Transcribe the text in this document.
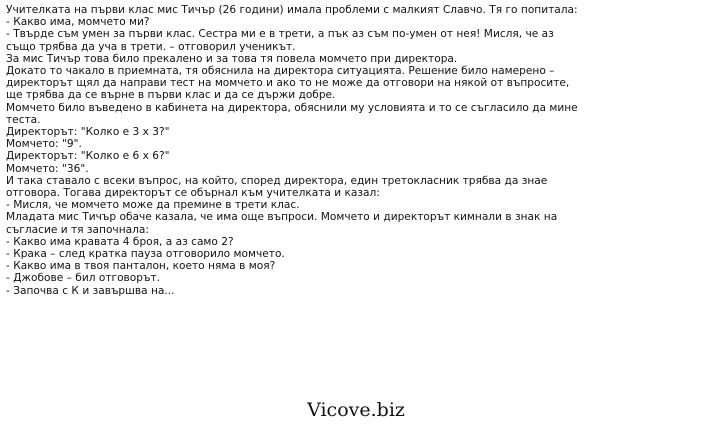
Учителката на първи клас мис Тичър (26 години) имала проблеми с малкият Славчо. Тя го попитала:
- Какво има, момчето ми?
- Твърде съм умен за първи клас. Сестра ми е в трети, а пък аз съм по-умен от нея! Мисля, че аз също трябва да уча в трети. – отговорил ученикът.
За мис Тичър това било прекалено и за това тя повела момчето при директора.
Докато то чакало в приемната, тя обяснила на директора ситуацията. Решение било намерено – директорът щял да направи тест на момчето и ако то не може да отговори на някой от въпросите, ще трябва да се върне в първи клас и да се държи добре.
Момчето било въведено в кабинета на директора, обяснили му условията и то се съгласило да мине теста.
Директорът: "Колко е 3 х 3?"
Момчето: "9".
Директорът: "Колко е 6 х 6?"
Момчето: "36".
И така ставало с всеки въпрос, на който, според директора, един третокласник трябва да знае отговора. Тогава директорът се обърнал към учителката и казал:
- Мисля, че момчето може да премине в трети клас.
Младата мис Тичър обаче казала, че има още въпроси. Момчето и директорът кимнали в знак на съгласие и тя започнала:
- Какво има кравата 4 броя, а аз само 2?
- Крака – след кратка пауза отговорило момчето.
- Какво има в твоя панталон, което няма в моя?
- Джобове – бил отговорът.
- Започва с К и завършва на...
Vicove.biz
